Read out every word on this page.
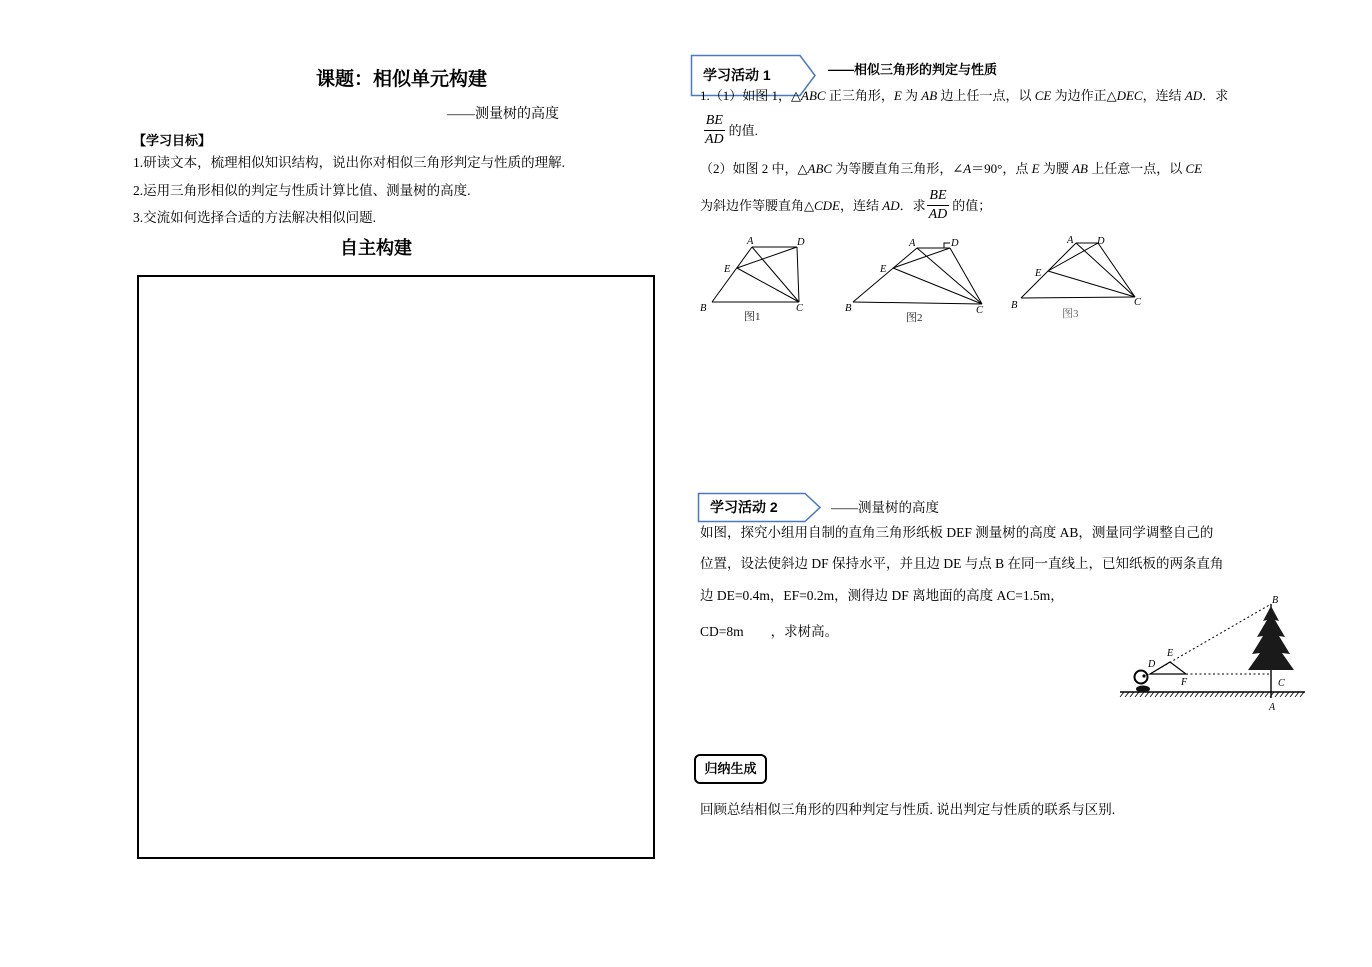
课题：相似单元构建
——测量树的高度
【学习目标】
1.研读文本，梳理相似知识结构，说出你对相似三角形判定与性质的理解.
2.运用三角形相似的判定与性质计算比值、测量树的高度.
3.交流如何选择合适的方法解决相似问题.
自主构建
学习活动 1	——相似三角形的判定与性质
1.（1）如图 1，△ABC 正三角形，E 为 AB 边上任一点，以 CE 为边作正△DEC，连结 AD．求
$\frac{BE}{AD}$ 的值.
（2）如图 2 中，△ABC 为等腰直角三角形，∠A＝90°，点 E 为腰 AB 上任意一点，以 CE
为斜边作等腰直角△CDE，连结 AD．求 $\frac{BE}{AD}$ 的值；
A	D
E
B	C
图1
A	D
E
B	C
图2
A D
E
B	C
图3
学习活动 2	——测量树的高度
如图，探究小组用自制的直角三角形纸板 DEF 测量树的高度 AB，测量同学调整自己的
位置，设法使斜边 DF 保持水平，并且边 DE 与点 B 在同一直线上，已知纸板的两条直角
边 DE=0.4m，EF=0.2m，测得边 DF 离地面的高度 AC=1.5m，
CD=8m　　，求树高。
B
E
D
F	C
A
归纳生成
回顾总结相似三角形的四种判定与性质. 说出判定与性质的联系与区别.
